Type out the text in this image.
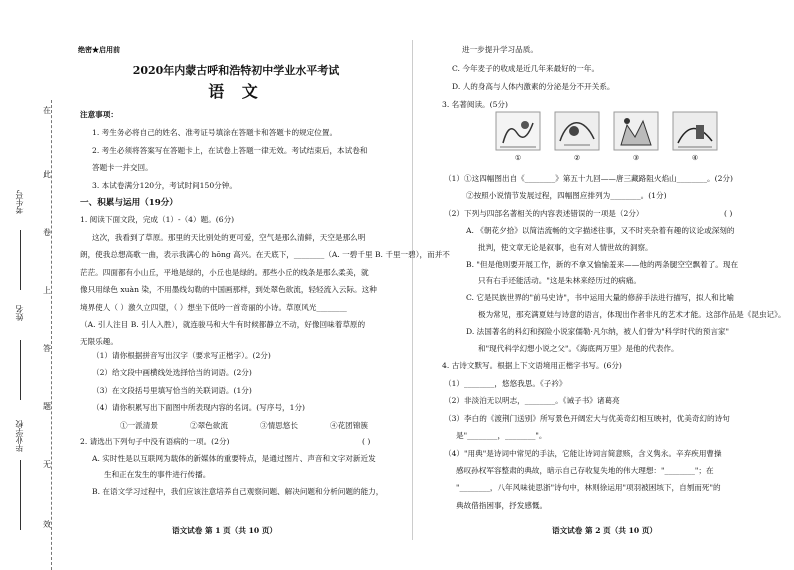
在
此
卷
上
答
题
无
效
考生号
姓名
毕业学校
绝密★启用前
2020年内蒙古呼和浩特初中学业水平考试
语 文
注意事项：
1. 考生务必将自己的姓名、准考证号填涂在答题卡和答题卡的规定位置。
2. 考生必须将答案写在答题卡上，在试卷上答题一律无效。考试结束后，本试卷和
答题卡一并交回。
3. 本试卷满分120分，考试时间150分钟。
一、积累与运用（19分）
1. 阅读下面文段，完成（1）-（4）题。(6分)
这次，我看到了草原。那里的天比别处的更可爱，空气是那么清鲜，天空是那么明
朗，使我总想高歌一曲，表示我满心的 hōng 高兴。在天底下，________（A. 一碧千里 B. 千里一碧），而并不
茫茫。四面都有小山丘，平地是绿的，小丘也是绿的。那些小丘的线条是那么柔美，就
像只用绿色 xuàn 染，不用墨线勾勒的中国画那样，到处翠色欲流，轻轻流入云际。这种
境界使人（ ）激久立四望，（ ）想坐下低吟一首奇丽的小诗。草原风光________
（A. 引人注目 B. 引人入胜），就连骏马和大牛有时候都静立不动，好像回味着草原的
无限乐趣。
（1）请你根据拼音写出汉字（要求写正楷字）。(2分)
（2）给文段中画横线处选择恰当的词语。(2分)
（3）在文段括号里填写恰当的关联词语。(1分)
（4）请你积累写出下面图中所表现内容的名词。(写序号，1分)
①一派清景	②翠色欲流	③情思悠长	④花团锦簇
2. 请选出下列句子中没有语病的一项。(2分)	( )
A. 实时性是以互联网为载体的新媒体的重要特点，是通过图片、声音和文字对新近发
生和正在发生的事件进行传播。
B. 在语文学习过程中，我们应该注意培养自己观察问题、解决问题和分析问题的能力，
语文试卷 第 1 页（共 10 页）
进一步提升学习品质。
C. 今年麦子的收成是近几年来最好的一年。
D. 人的身高与人体内激素的分泌是分不开关系。
3. 名著阅读。(5分)
①	②	③	④
（1）①这四幅图出自《________》第五十九回——唐三藏路阻火焰山________。(2分)
②按照小说情节发展过程，四幅图应排列为________。(1分)
（2）下列与四部名著相关的内容表述错误的一项是（2分）	( )
A. 《朝花夕拾》以简洁流畅的文字描述往事，又不时夹杂着有趣的议论或深刻的
批判，使文章无论是叙事，也有对人情世故的洞察。
B. "但是他则要开展工作，新的不拿又愉愉羞来——他的两条腿空空飘着了。现在
只有右手还能活动。"这是朱林来经历过的病痛。
C. 它是民族世界的"前马史诗"，书中运用大量的修辞手法进行描写，拟人和比喻
极为常见，那充满夏娃与诗意的语言，体现出作者非凡的艺术才能。这部作品是《昆虫记》。
D. 法国著名的科幻和探险小说家儒勒·凡尔纳，被人们誉为"科学时代的预言家"
和"现代科学幻想小说之父"。《海底两万里》是他的代表作。
4. 古诗文默写。根据上下文语境用正楷字书写。(6分)
（1）________，悠悠我思。《子衿》
（2）非淡泊无以明志，________。《诫子书》诸葛亮
（3）李白的《渡荆门送别》所写景色开阔宏大与优美奇幻相互映衬，优美奇幻的诗句
是"________，________"。
（4）"用典"是诗词中常见的手法，它能让诗词言简意赅，含义隽永。辛弃疾用曹操
感叹孙权军容整肃的典故，暗示自己存收复失地的伟大理想："________"；在
"________，八年风味徒思浙"诗句中，林则徐运用"项羽被困垓下，自刎而死"的
典故借指困事，抒发感慨。
语文试卷 第 2 页（共 10 页）
